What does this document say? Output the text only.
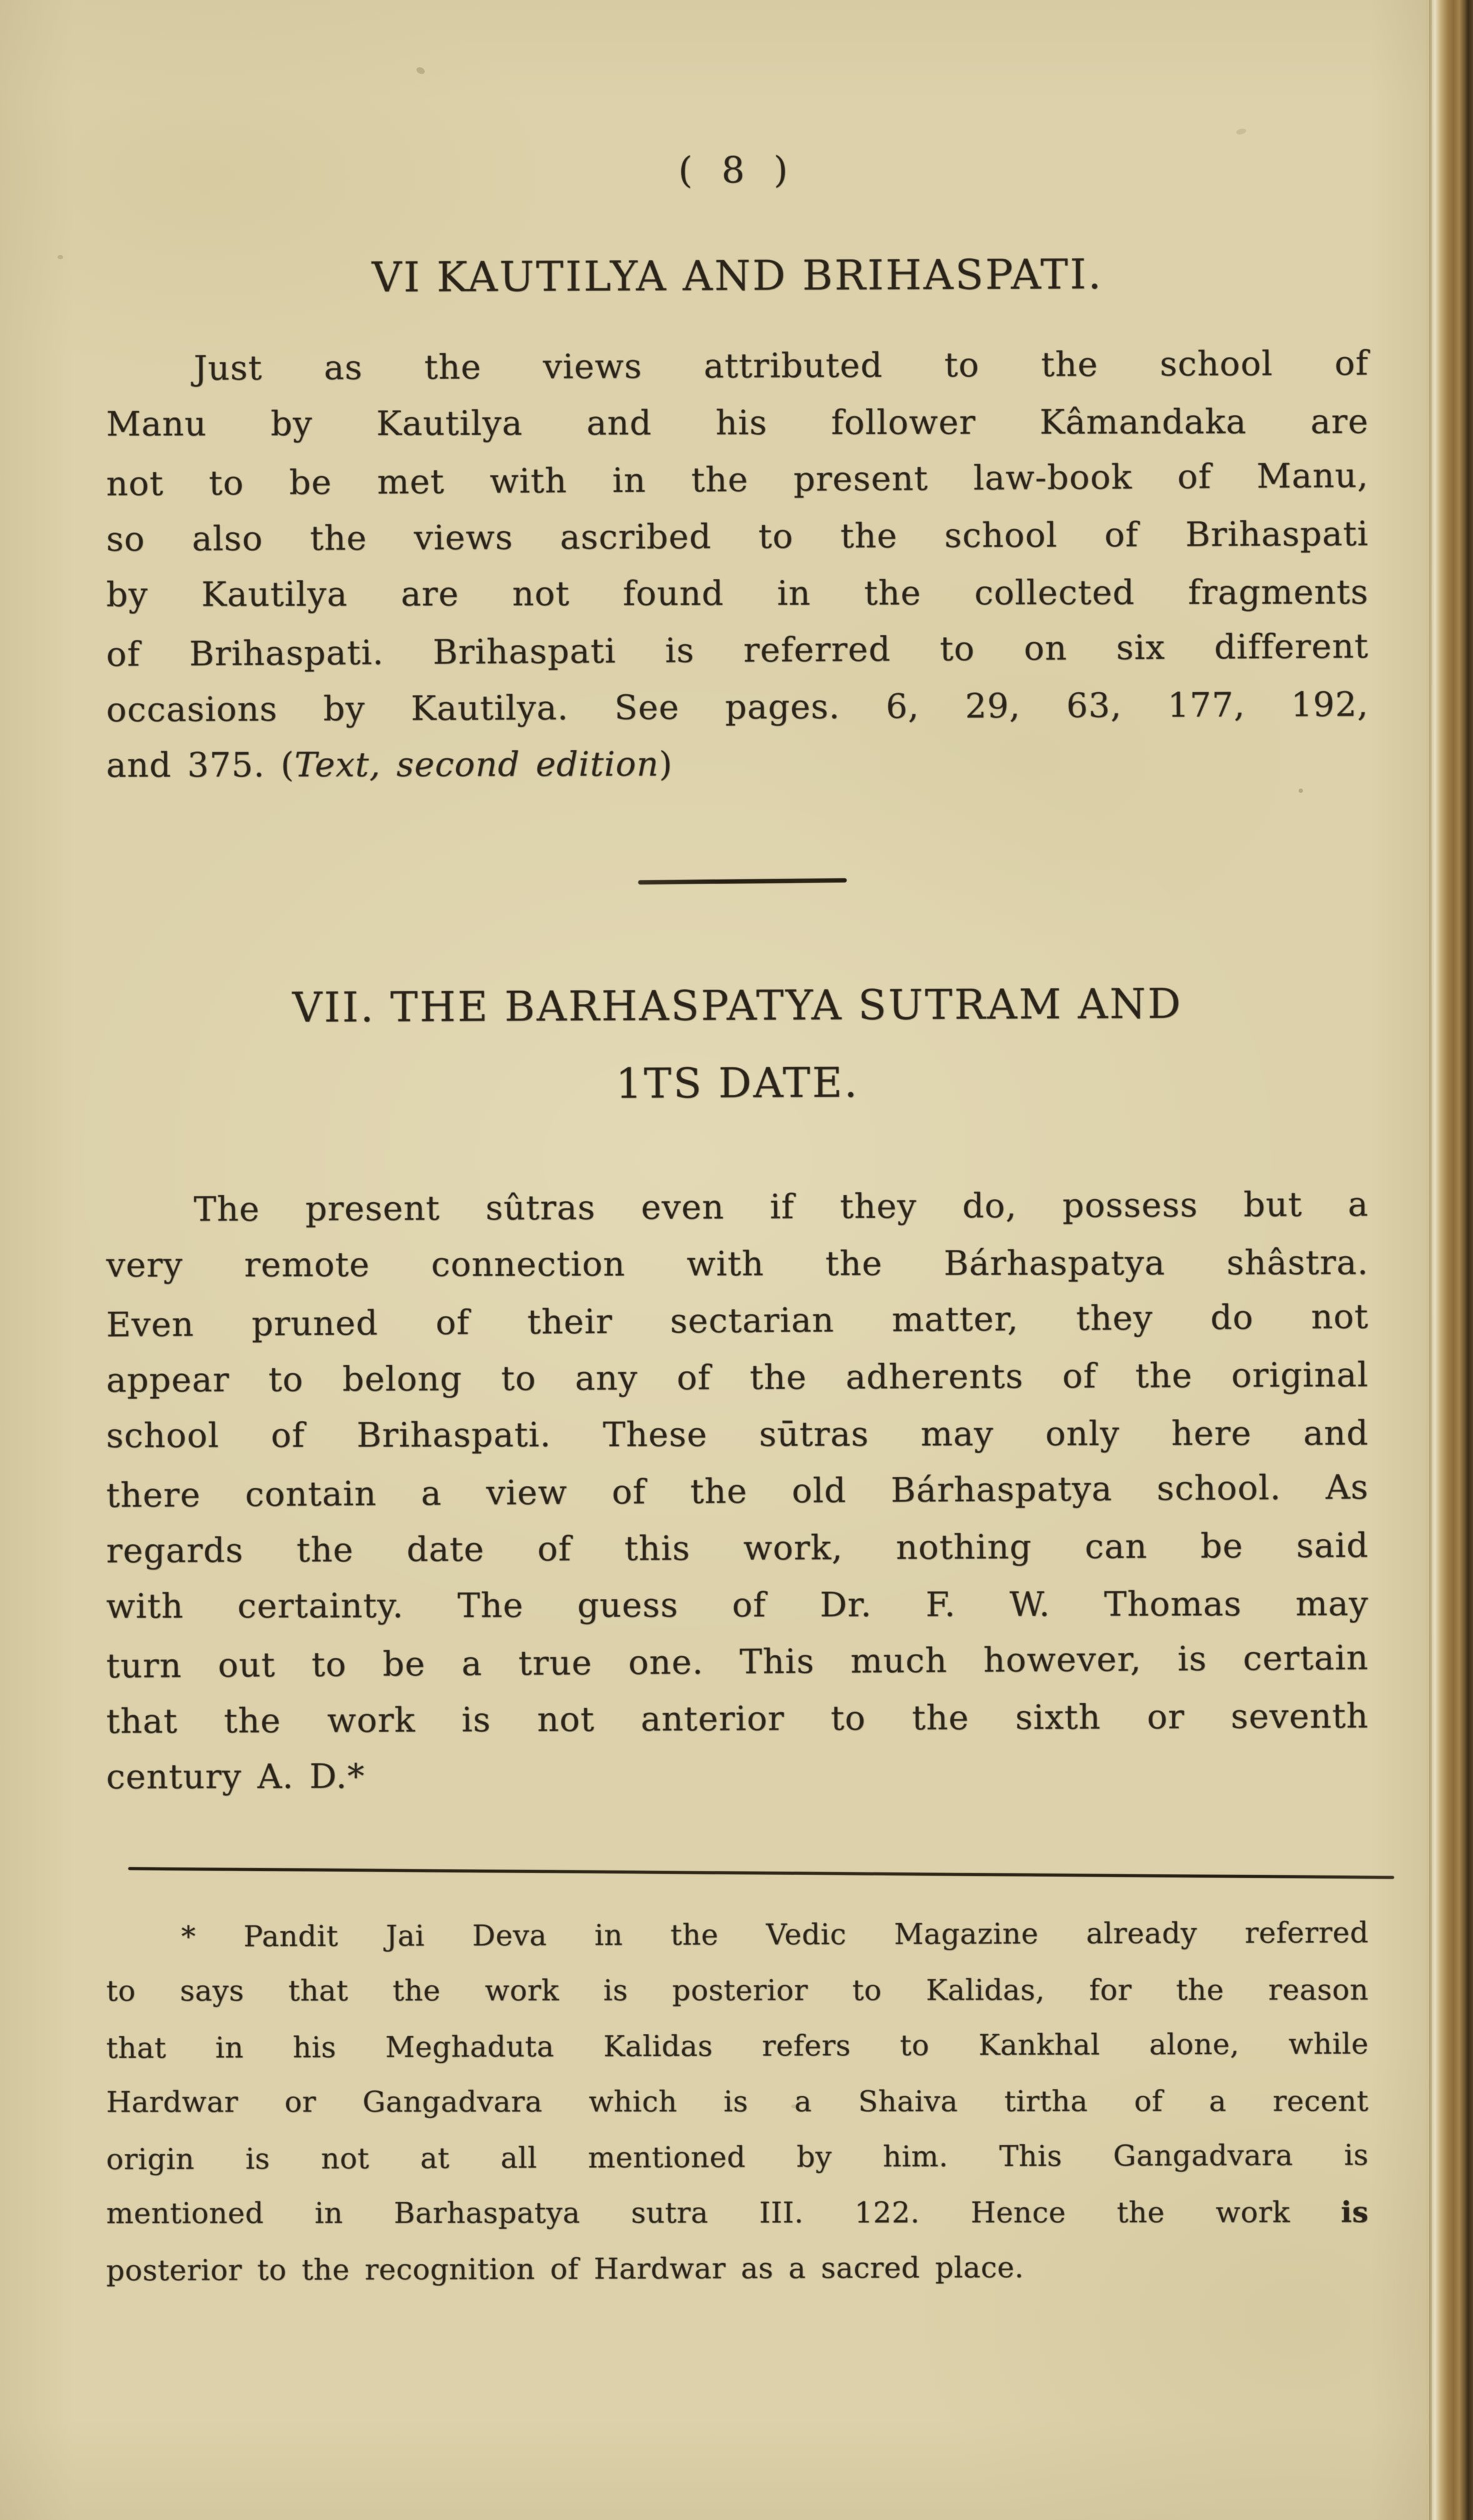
( 8 )
VI KAUTILYA AND BRIHASPATI.
Just as the views attributed to the school of
Manu by Kautilya and his follower Kâmandaka are
not to be met with in the present law-book of Manu,
so also the views ascribed to the school of Brihaspati
by Kautilya are not found in the collected fragments
of Brihaspati. Brihaspati is referred to on six different
occasions by Kautilya. See pages. 6, 29, 63, 177, 192,
and 375. (Text, second edition)
VII. THE BARHASPATYA SUTRAM AND
1TS DATE.
The present sûtras even if they do, possess but a
very remote connection with the Bárhaspatya shâstra.
Even pruned of their sectarian matter, they do not
appear to belong to any of the adherents of the original
school of Brihaspati. These sūtras may only here and
there contain a view of the old Bárhaspatya school. As
regards the date of this work, nothing can be said
with certainty. The guess of Dr. F. W. Thomas may
turn out to be a true one. This much however, is certain
that the work is not anterior to the sixth or seventh
century A. D.*
* Pandit Jai Deva in the Vedic Magazine already referred
to says that the work is posterior to Kalidas, for the reason
that in his Meghaduta Kalidas refers to Kankhal alone, while
Hardwar or Gangadvara which is a Shaiva tirtha of a recent
origin is not at all mentioned by him. This Gangadvara is
mentioned in Barhaspatya sutra III. 122. Hence the work is
posterior to the recognition of Hardwar as a sacred place.
